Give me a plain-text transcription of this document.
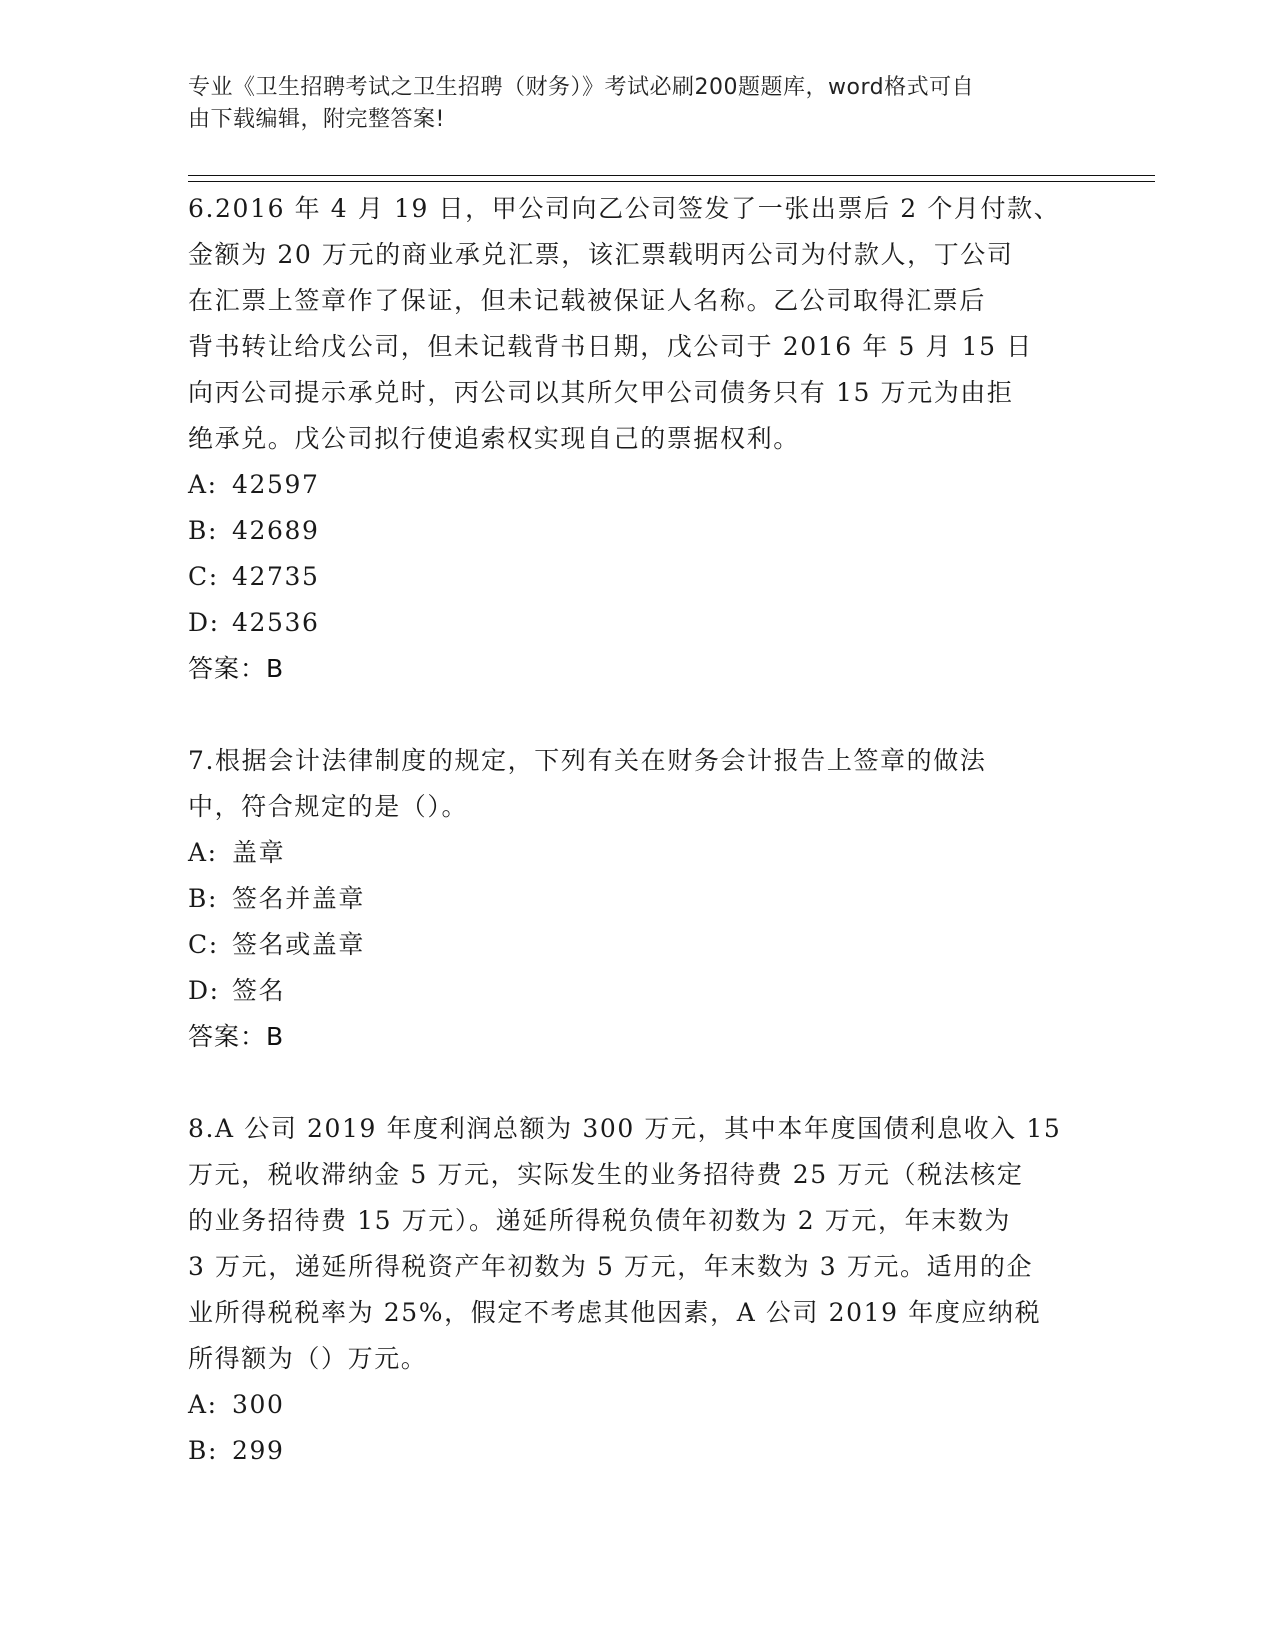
专业《卫生招聘考试之卫生招聘（财务）》考试必刷200题题库，word格式可自
由下载编辑，附完整答案!

6.2016 年 4 月 19 日，甲公司向乙公司签发了一张出票后 2 个月付款、

金额为 20 万元的商业承兑汇票，该汇票载明丙公司为付款人，丁公司

在汇票上签章作了保证，但未记载被保证人名称。乙公司取得汇票后

背书转让给戊公司，但未记载背书日期，戊公司于 2016 年 5 月 15 日

向丙公司提示承兑时，丙公司以其所欠甲公司债务只有 15 万元为由拒

绝承兑。戊公司拟行使追索权实现自己的票据权利。

A: 42597
B: 42689
C: 42735
D: 42536

答案：B

7.根据会计法律制度的规定，下列有关在财务会计报告上签章的做法

中，符合规定的是（）。

A: 盖章
B: 签名并盖章
C: 签名或盖章
D: 签名

答案：B

8.A 公司 2019 年度利润总额为 300 万元，其中本年度国债利息收入 15

万元，税收滞纳金 5 万元，实际发生的业务招待费 25 万元（税法核定

的业务招待费 15 万元）。递延所得税负债年初数为 2 万元，年末数为

3 万元，递延所得税资产年初数为 5 万元，年末数为 3 万元。适用的企

业所得税税率为 25%，假定不考虑其他因素，A 公司 2019 年度应纳税

所得额为（）万元。

A: 300
B: 299
